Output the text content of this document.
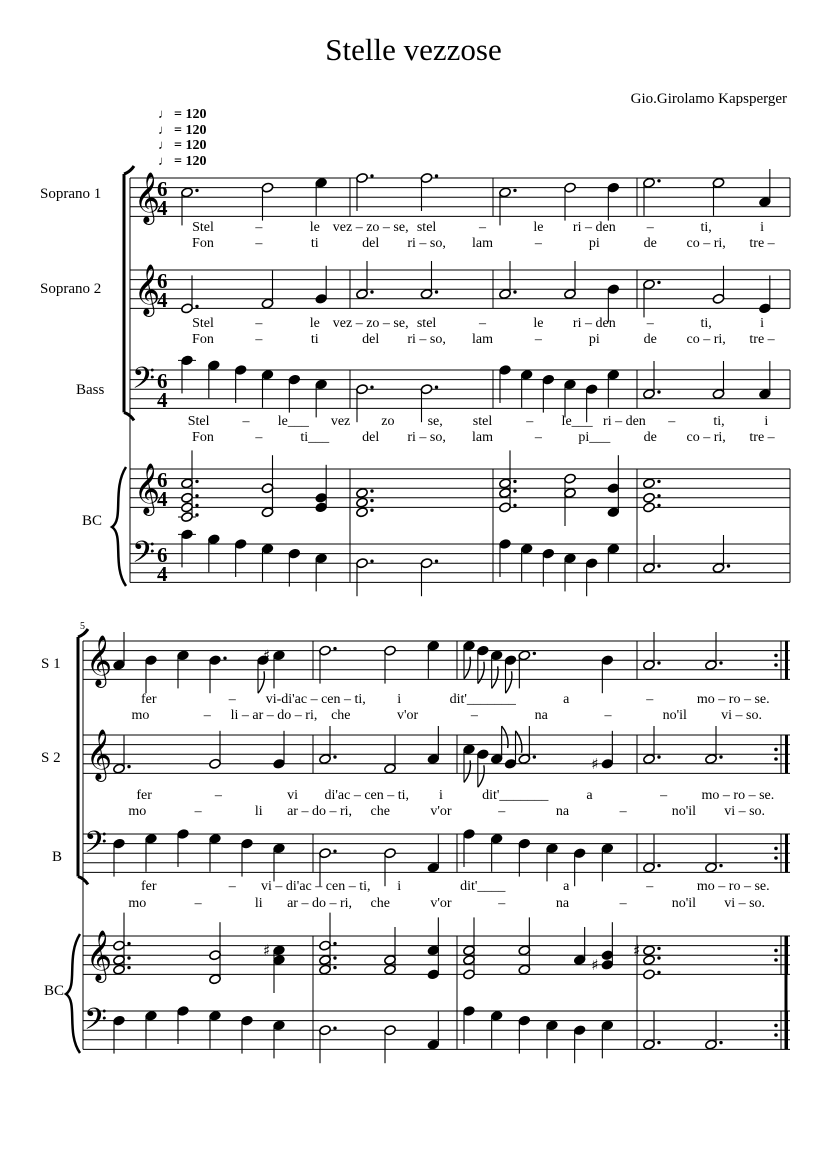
Stelle vezzose
Gio.Girolamo Kapsperger
♩ = 120
♩ = 120
♩ = 120
♩ = 120
Soprano 1
Soprano 2
Bass
BC
5
S 1
S 2
B
BC
Stel	–	le vez – zo – se, stel	–	le ri – den –	ti,	i
Fon	–	ti	del ri – so, lam	–	pi	de co – ri, tre –
Stel	–	le vez – zo – se, stel	–	le ri – den –	ti,	i
Fon	–	ti	del ri – so, lam	–	pi	de co – ri, tre –
Stel – le___ vez zo se, stel – le___ ri – den –	ti,	i
Fon	–	ti___ del ri – so, lam	–	pi___ de co – ri, tre –
fer	– vi-di'ac – cen – ti, i	dit'_______	a	–	mo – ro – se.
mo	– li – ar – do – ri, che	v'or	–	na	–	no'il vi – so.
fer	–	vi di'ac – cen – ti, i	dit'_______	a	– mo – ro – se.
mo	–	li ar – do – ri, che	v'or	–	na	–	no'il vi – so.
fer	– vi – di'ac – cen – ti, i	dit'____	a	–	mo – ro – se.
mo	–	li ar – do – ri, che	v'or	–	na	–	no'il vi – so.
𝄞
𝄞
𝄢
𝄞
𝄢
6
4
6
4
6
4
6
4
6
4
𝄞
𝄞
𝄢
𝄞
𝄢
♯
♯
♯
♯
♯
